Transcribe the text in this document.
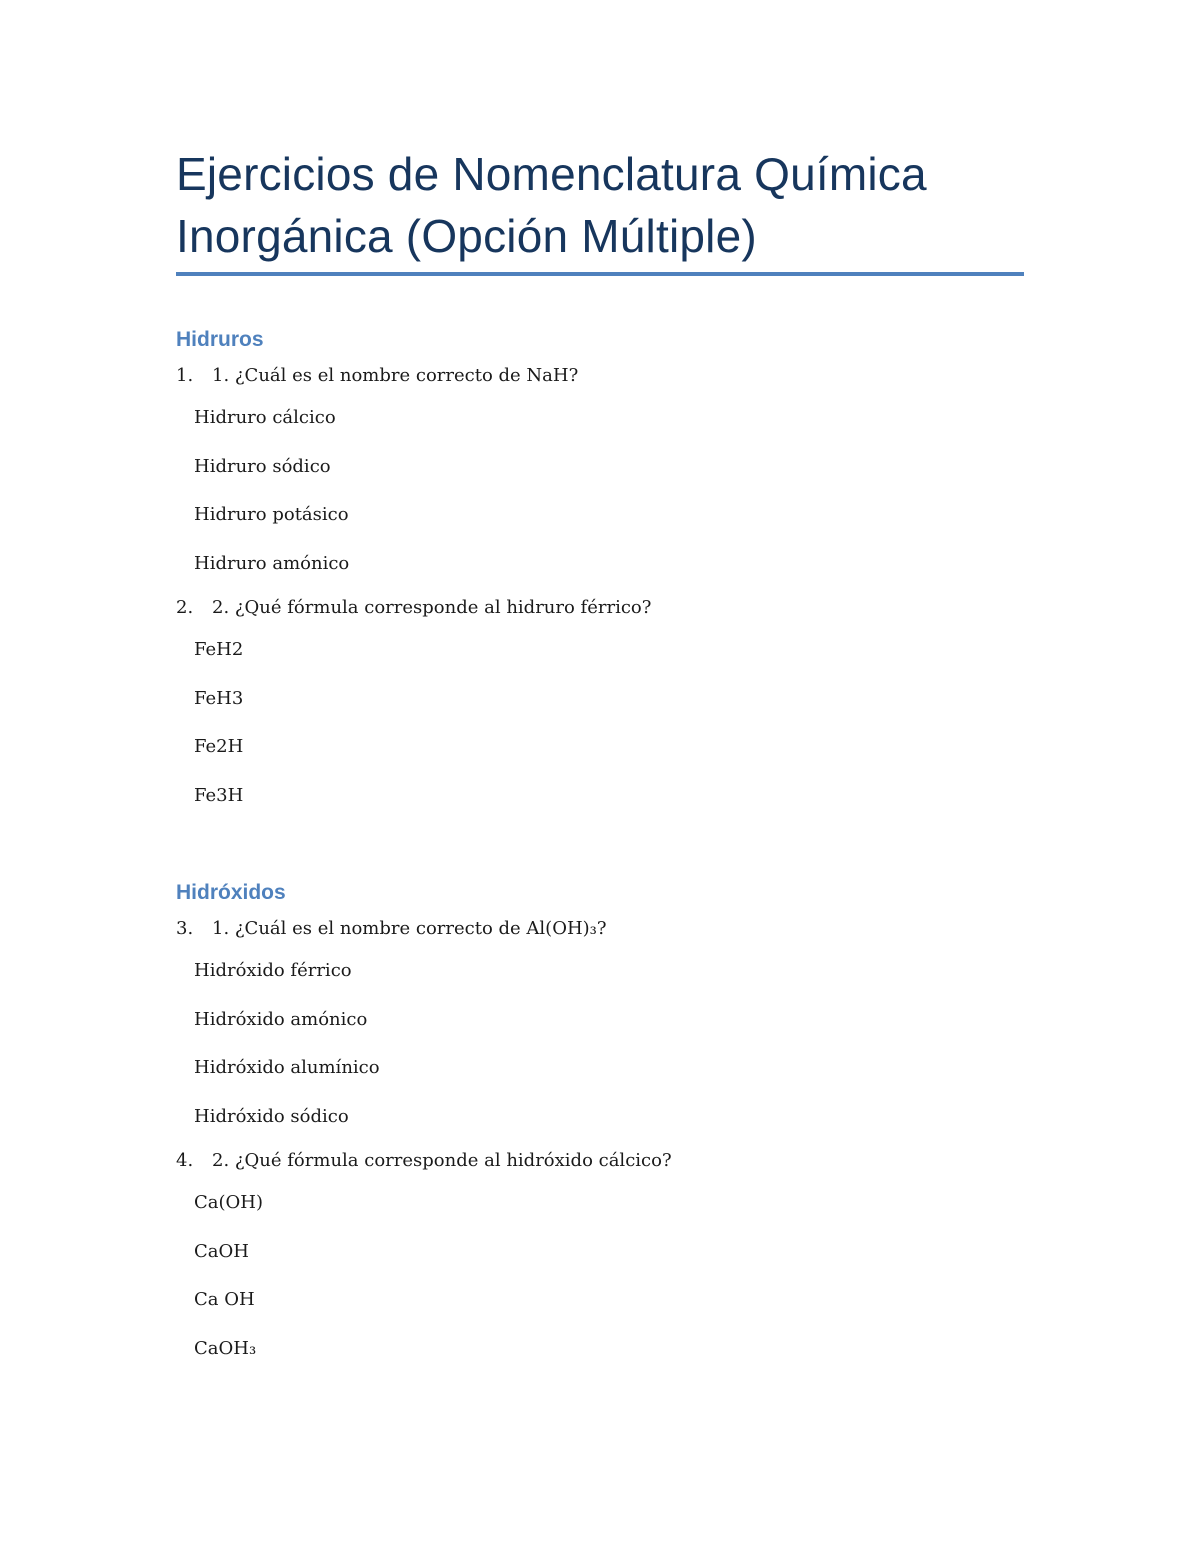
Ejercicios de Nomenclatura Química Inorgánica (Opción Múltiple)
Hidruros
1. 1. ¿Cuál es el nombre correcto de NaH?
Hidruro cálcico
Hidruro sódico
Hidruro potásico
Hidruro amónico
2. 2. ¿Qué fórmula corresponde al hidruro férrico?
FeH2
FeH3
Fe2H
Fe3H
Hidróxidos
3. 1. ¿Cuál es el nombre correcto de Al(OH)₃?
Hidróxido férrico
Hidróxido amónico
Hidróxido alumínico
Hidróxido sódico
4. 2. ¿Qué fórmula corresponde al hidróxido cálcico?
Ca(OH)
CaOH
Ca OH
CaOH₃
